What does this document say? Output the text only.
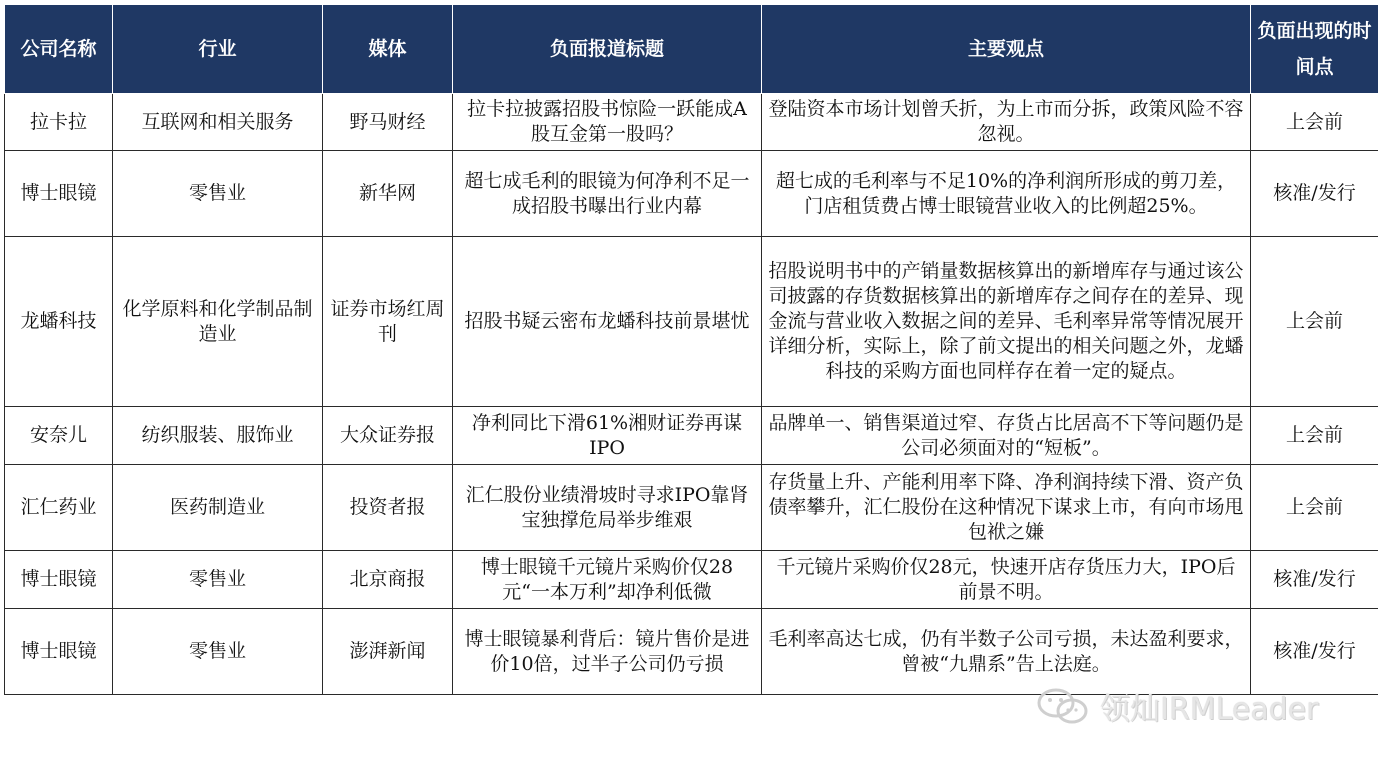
公司名称	行业	媒体	负面报道标题	主要观点	负面出现的时间点
拉卡拉	互联网和相关服务	野马财经	拉卡拉披露招股书惊险一跃能成A股互金第一股吗？	登陆资本市场计划曾夭折，为上市而分拆，政策风险不容忽视。	上会前
博士眼镜	零售业	新华网	超七成毛利的眼镜为何净利不足一成招股书曝出行业内幕	超七成的毛利率与不足10%的净利润所形成的剪刀差，门店租赁费占博士眼镜营业收入的比例超25%。	核准/发行
龙蟠科技	化学原料和化学制品制造业	证券市场红周刊	招股书疑云密布龙蟠科技前景堪忧	招股说明书中的产销量数据核算出的新增库存与通过该公司披露的存货数据核算出的新增库存之间存在的差异、现金流与营业收入数据之间的差异、毛利率异常等情况展开详细分析，实际上，除了前文提出的相关问题之外，龙蟠科技的采购方面也同样存在着一定的疑点。	上会前
安奈儿	纺织服装、服饰业	大众证券报	净利同比下滑61%湘财证券再谋IPO	品牌单一、销售渠道过窄、存货占比居高不下等问题仍是公司必须面对的“短板”。	上会前
汇仁药业	医药制造业	投资者报	汇仁股份业绩滑坡时寻求IPO靠肾宝独撑危局举步维艰	存货量上升、产能利用率下降、净利润持续下滑、资产负债率攀升，汇仁股份在这种情况下谋求上市，有向市场甩包袱之嫌	上会前
博士眼镜	零售业	北京商报	博士眼镜千元镜片采购价仅28元“一本万利”却净利低微	千元镜片采购价仅28元，快速开店存货压力大，IPO后前景不明。	核准/发行
博士眼镜	零售业	澎湃新闻	博士眼镜暴利背后：镜片售价是进价10倍，过半子公司仍亏损	毛利率高达七成，仍有半数子公司亏损，未达盈利要求，曾被“九鼎系”告上法庭。	核准/发行
领灿IRMLeader
